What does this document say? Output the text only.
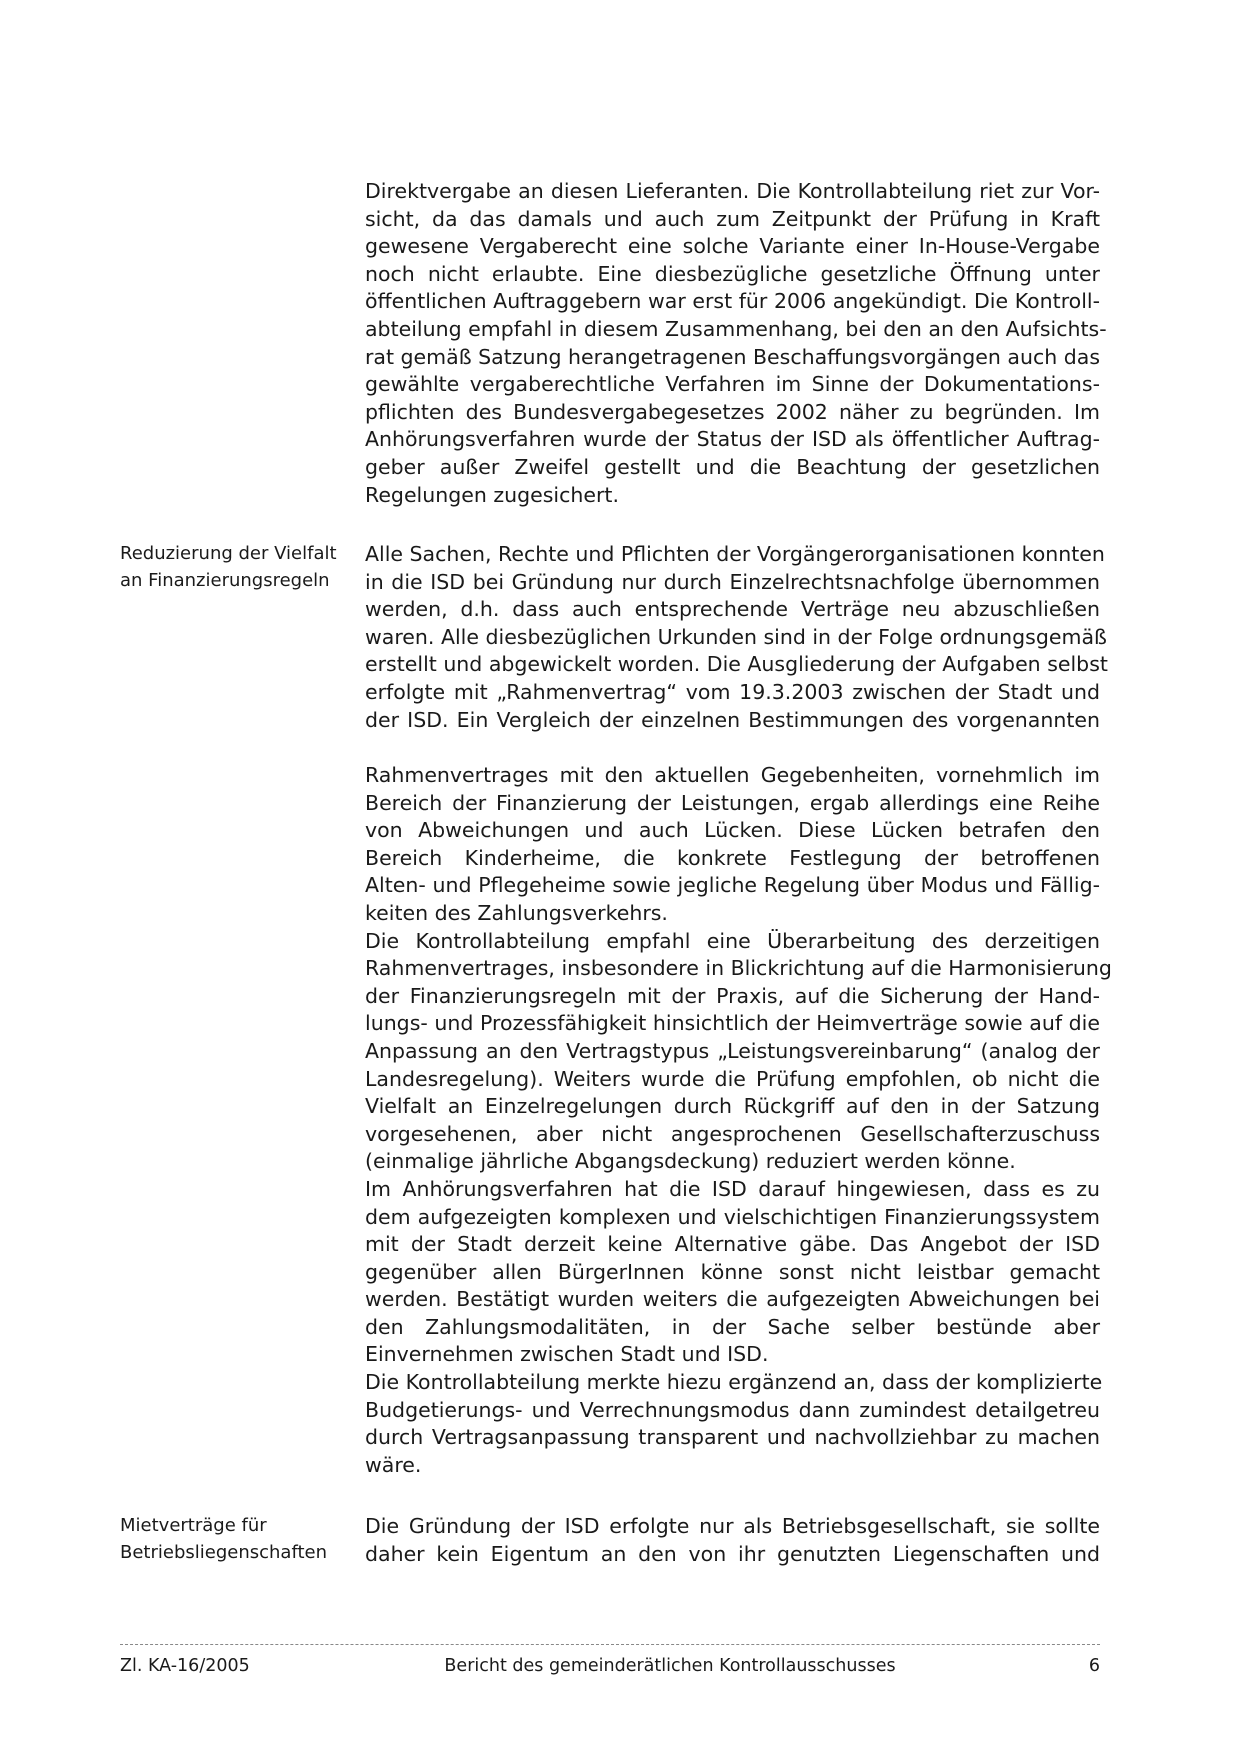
Direktvergabe an diesen Lieferanten. Die Kontrollabteilung riet zur Vor-
sicht, da das damals und auch zum Zeitpunkt der Prüfung in Kraft
gewesene Vergaberecht eine solche Variante einer In-House-Vergabe
noch nicht erlaubte. Eine diesbezügliche gesetzliche Öffnung unter
öffentlichen Auftraggebern war erst für 2006 angekündigt. Die Kontroll-
abteilung empfahl in diesem Zusammenhang, bei den an den Aufsichts-
rat gemäß Satzung herangetragenen Beschaffungsvorgängen auch das
gewählte vergaberechtliche Verfahren im Sinne der Dokumentations-
pflichten des Bundesvergabegesetzes 2002 näher zu begründen. Im
Anhörungsverfahren wurde der Status der ISD als öffentlicher Auftrag-
geber außer Zweifel gestellt und die Beachtung der gesetzlichen
Regelungen zugesichert.
Reduzierung der Vielfalt
an Finanzierungsregeln
Alle Sachen, Rechte und Pflichten der Vorgängerorganisationen konnten
in die ISD bei Gründung nur durch Einzelrechtsnachfolge übernommen
werden, d.h. dass auch entsprechende Verträge neu abzuschließen
waren. Alle diesbezüglichen Urkunden sind in der Folge ordnungsgemäß
erstellt und abgewickelt worden. Die Ausgliederung der Aufgaben selbst
erfolgte mit „Rahmenvertrag“ vom 19.3.2003 zwischen der Stadt und
der ISD. Ein Vergleich der einzelnen Bestimmungen des vorgenannten
Rahmenvertrages mit den aktuellen Gegebenheiten, vornehmlich im
Bereich der Finanzierung der Leistungen, ergab allerdings eine Reihe
von Abweichungen und auch Lücken. Diese Lücken betrafen den
Bereich Kinderheime, die konkrete Festlegung der betroffenen
Alten- und Pflegeheime sowie jegliche Regelung über Modus und Fällig-
keiten des Zahlungsverkehrs.
Die Kontrollabteilung empfahl eine Überarbeitung des derzeitigen
Rahmenvertrages, insbesondere in Blickrichtung auf die Harmonisierung
der Finanzierungsregeln mit der Praxis, auf die Sicherung der Hand-
lungs- und Prozessfähigkeit hinsichtlich der Heimverträge sowie auf die
Anpassung an den Vertragstypus „Leistungsvereinbarung“ (analog der
Landesregelung). Weiters wurde die Prüfung empfohlen, ob nicht die
Vielfalt an Einzelregelungen durch Rückgriff auf den in der Satzung
vorgesehenen, aber nicht angesprochenen Gesellschafterzuschuss
(einmalige jährliche Abgangsdeckung) reduziert werden könne.
Im Anhörungsverfahren hat die ISD darauf hingewiesen, dass es zu
dem aufgezeigten komplexen und vielschichtigen Finanzierungssystem
mit der Stadt derzeit keine Alternative gäbe. Das Angebot der ISD
gegenüber allen BürgerInnen könne sonst nicht leistbar gemacht
werden. Bestätigt wurden weiters die aufgezeigten Abweichungen bei
den Zahlungsmodalitäten, in der Sache selber bestünde aber
Einvernehmen zwischen Stadt und ISD.
Die Kontrollabteilung merkte hiezu ergänzend an, dass der komplizierte
Budgetierungs- und Verrechnungsmodus dann zumindest detailgetreu
durch Vertragsanpassung transparent und nachvollziehbar zu machen
wäre.
Mietverträge für
Betriebsliegenschaften
Die Gründung der ISD erfolgte nur als Betriebsgesellschaft, sie sollte
daher kein Eigentum an den von ihr genutzten Liegenschaften und
Zl. KA-16/2005	Bericht des gemeinderätlichen Kontrollausschusses	6
